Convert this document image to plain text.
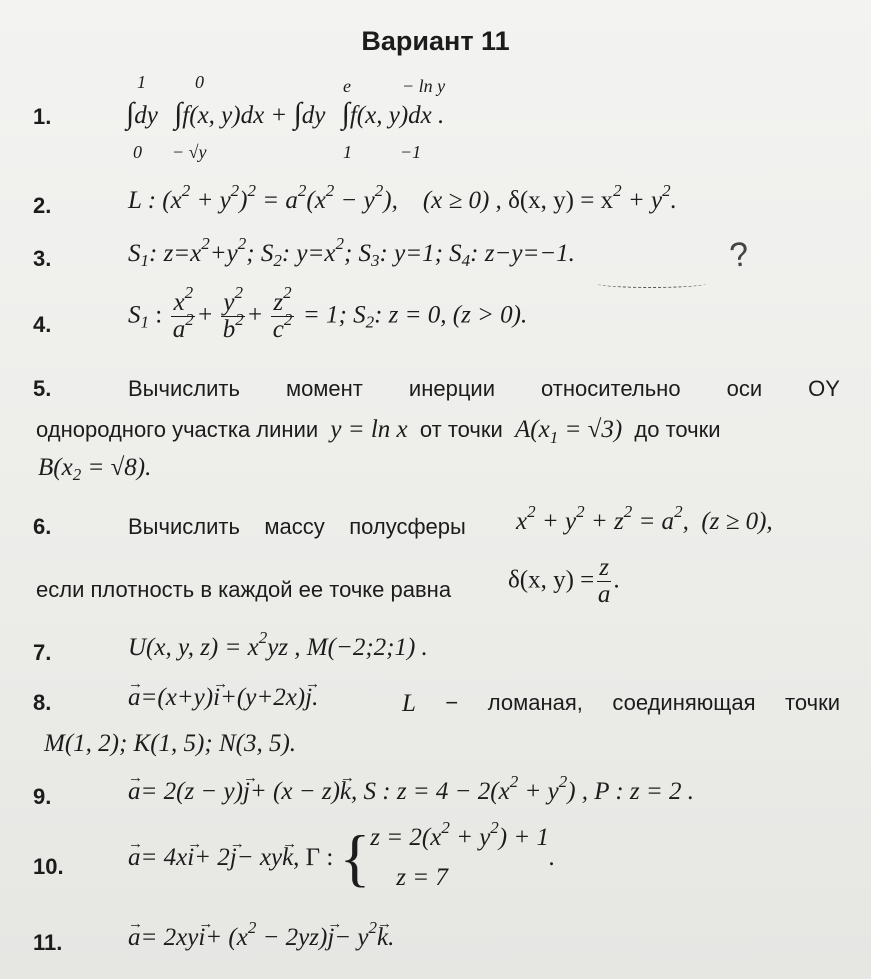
Вариант 11
1.
1
0
0
− √y
e
1
− ln y
−1
∫dy ∫f(x, y)dx + ∫dy ∫f(x, y)dx .
2.	L : $(x^2 + y^2)^2 = a^2(x^2 - y^2)$, (x ≥ 0) , δ(x, $y) = x^2 + y^2$.
3.	$S_1$: $z=x^2+y^2$; $S_2$: $y=x^2$; $S_3$: y=1; $S_4$: z−y=−1.	?
4.	$S_1$ : $\frac{x^2}{a^2} + \frac{y^2}{b^2} + \frac{z^2}{c^2} = 1$; $S_2$: z = 0, (z > 0).
5.	Вычислить момент инерции относительно оси OY
однородного участка линии y = ln x от точки $A(x_1 = √3)$ до точки
$B(x_2 = √8)$.
6.	Вычислить массу полусферы $x^2 + y^2 + z^2 = a^2$, (z ≥ 0),
если плотность в каждой ее точке равна δ(x, $y) = \frac{z}{a}$ .
7.	U(x, y, $z) = x^2yz$ , M(−2;2;1) .
8.	→ a=(x+y)→ i+(y+2x)→ j.	L − ломаная, соединяющая точки
M(1, 2); K(1, 5); N(3, 5).
9.	→ a= 2(z − y)→ j+ (x − z)→ k, S : $z = 4 - 2(x^2 + y^2)$ , P : z = 2 .
10.	→ a= 4x→ i+ 2→ j− xy→ k, Γ : { $z = 2(x^2 + y^2) + 1$
z = 7
.
11.	→ $a= 2xy\to i+ (x^2 - 2yz)\to j- y^2\to k$.
